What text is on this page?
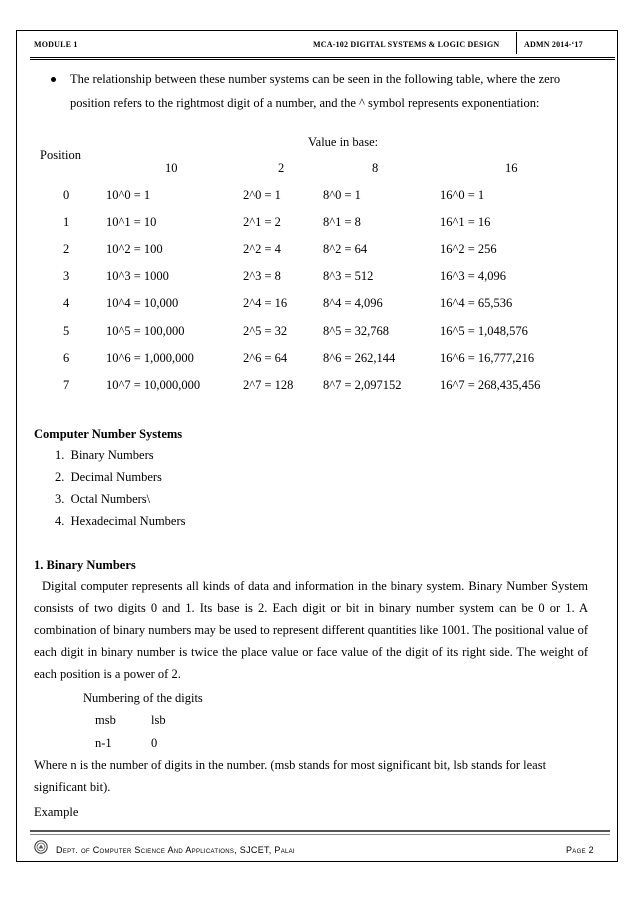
MODULE 1	MCA-102 DIGITAL SYSTEMS & LOGIC DESIGN	ADMN 2014-‘17
The relationship between these number systems can be seen in the following table, where the zero
position refers to the rightmost digit of a number, and the ^ symbol represents exponentiation:
Value in base:
Position
10	2	8	16
0	10^0 = 1	2^0 = 1	8^0 = 1	16^0 = 1
1	10^1 = 10	2^1 = 2	8^1 = 8	16^1 = 16
2	10^2 = 100	2^2 = 4	8^2 = 64	16^2 = 256
3	10^3 = 1000	2^3 = 8	8^3 = 512	16^3 = 4,096
4	10^4 = 10,000	2^4 = 16	8^4 = 4,096	16^4 = 65,536
5	10^5 = 100,000	2^5 = 32	8^5 = 32,768	16^5 = 1,048,576
6	10^6 = 1,000,000	2^6 = 64	8^6 = 262,144	16^6 = 16,777,216
7	10^7 = 10,000,000	2^7 = 128 8^7 = 2,097152	16^7 = 268,435,456
Computer Number Systems
1.  Binary Numbers
2.  Decimal Numbers
3.  Octal Numbers\
4.  Hexadecimal Numbers
1. Binary Numbers

Digital computer represents all kinds of data and information in the binary system. Binary Number System consists of two digits 0 and 1. Its base is 2. Each digit or bit in binary number system can be 0 or 1. A combination of binary numbers may be used to represent different quantities like 1001. The positional value of each digit in binary number is twice the place value or face value of the digit of its right side. The weight of each position is a power of 2.

Numbering of the digits
msb	lsb
n-1	0

Where n is the number of digits in the number. (msb stands for most significant bit, lsb stands for least significant bit).

Example
Dept. of Computer Science And Applications, SJCET, Palai	Page 2
